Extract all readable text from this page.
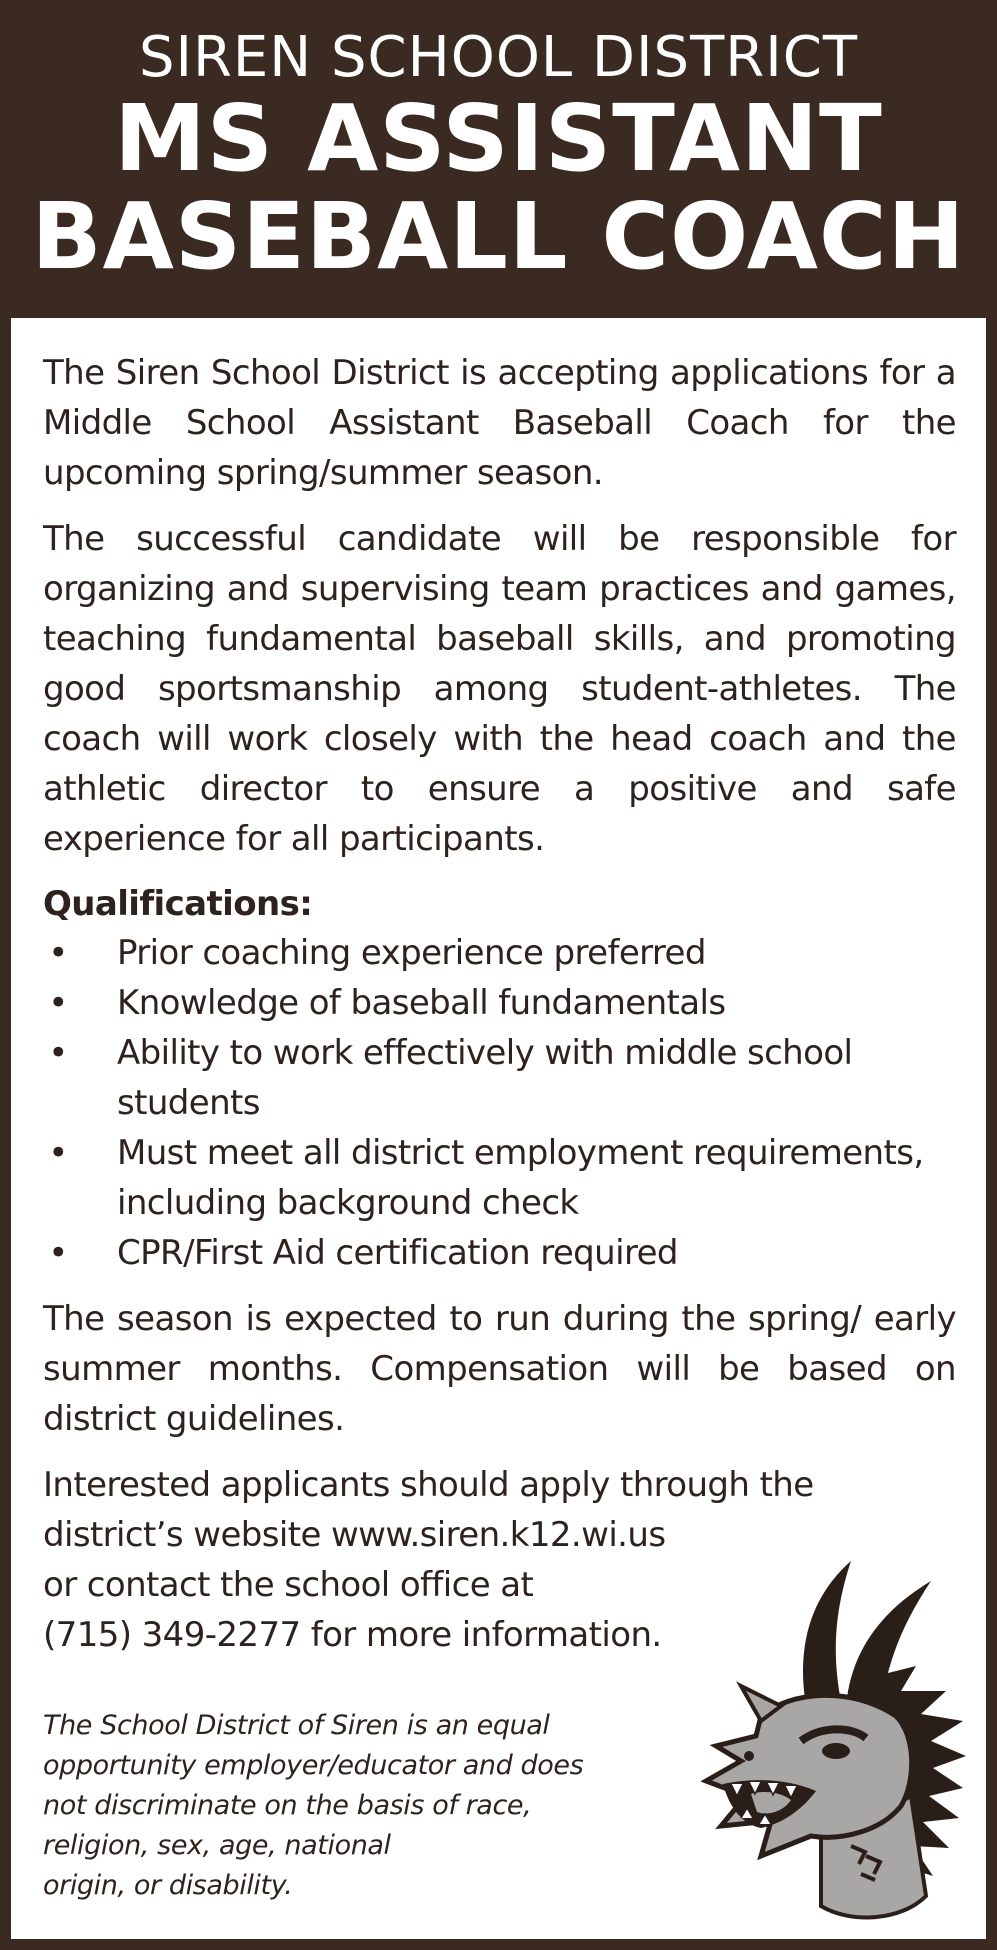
SIREN SCHOOL DISTRICT
MS ASSISTANT
BASEBALL COACH

The Siren School District is accepting applications for a Middle School Assistant Baseball Coach for the upcoming spring/summer season.

The successful candidate will be responsible for organizing and supervising team practices and games, teaching fundamental baseball skills, and promoting good sportsmanship among student-athletes. The coach will work closely with the head coach and the athletic director to ensure a positive and safe experience for all participants.

Qualifications:

• Prior coaching experience preferred
• Knowledge of baseball fundamentals
• Ability to work effectively with middle school students
• Must meet all district employment requirements, including background check
• CPR/First Aid certification required

The season is expected to run during the spring/ early summer months. Compensation will be based on district guidelines.

Interested applicants should apply through the
district’s website www.siren.k12.wi.us
or contact the school office at
(715) 349-2277 for more information.

The School District of Siren is an equal
opportunity employer/educator and does
not discriminate on the basis of race,
religion, sex, age, national
origin, or disability.
